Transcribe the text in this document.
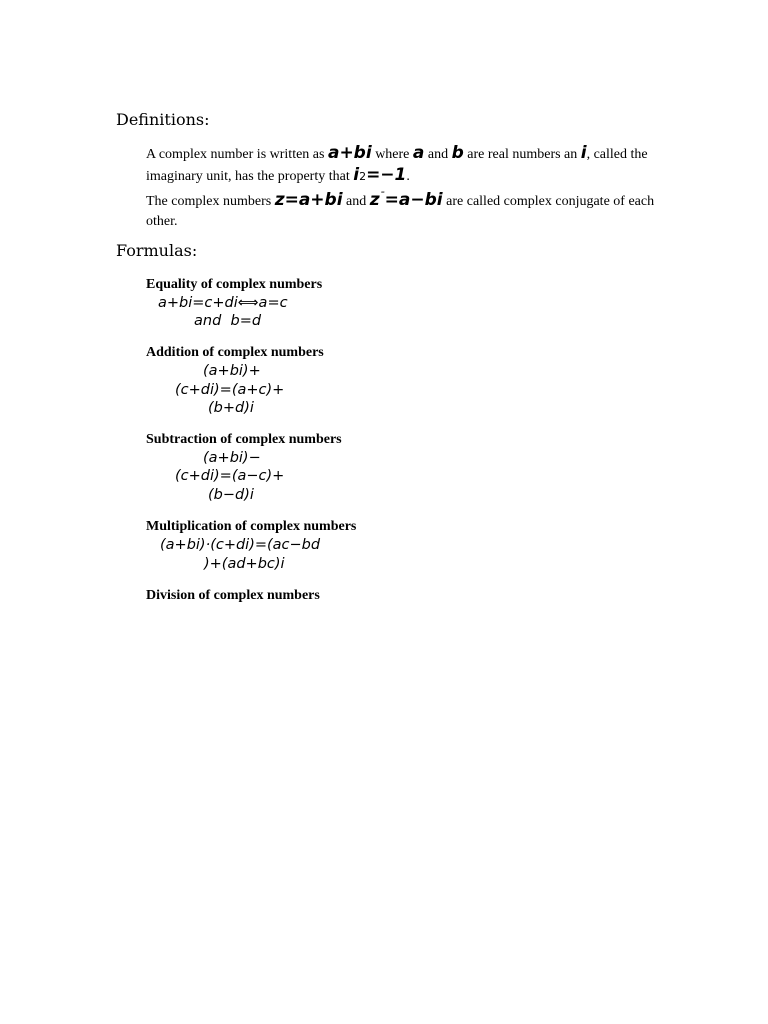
Definitions:
A complex number is written as a+bi where a and b are real numbers an i, called the imaginary unit, has the property that i2=−1.
The complex numbers z=a+bi and z¯=a−bi are called complex conjugate of each other.
Formulas:
Equality of complex numbers
a+bi=c+di⟺a=c
and  b=d
Addition of complex numbers
(a+bi)+
(c+di)=(a+c)+
(b+d)i
Subtraction of complex numbers
(a+bi)−
(c+di)=(a−c)+
(b−d)i
Multiplication of complex numbers
(a+bi)·(c+di)=(ac−bd
)+(ad+bc)i
Division of complex numbers
